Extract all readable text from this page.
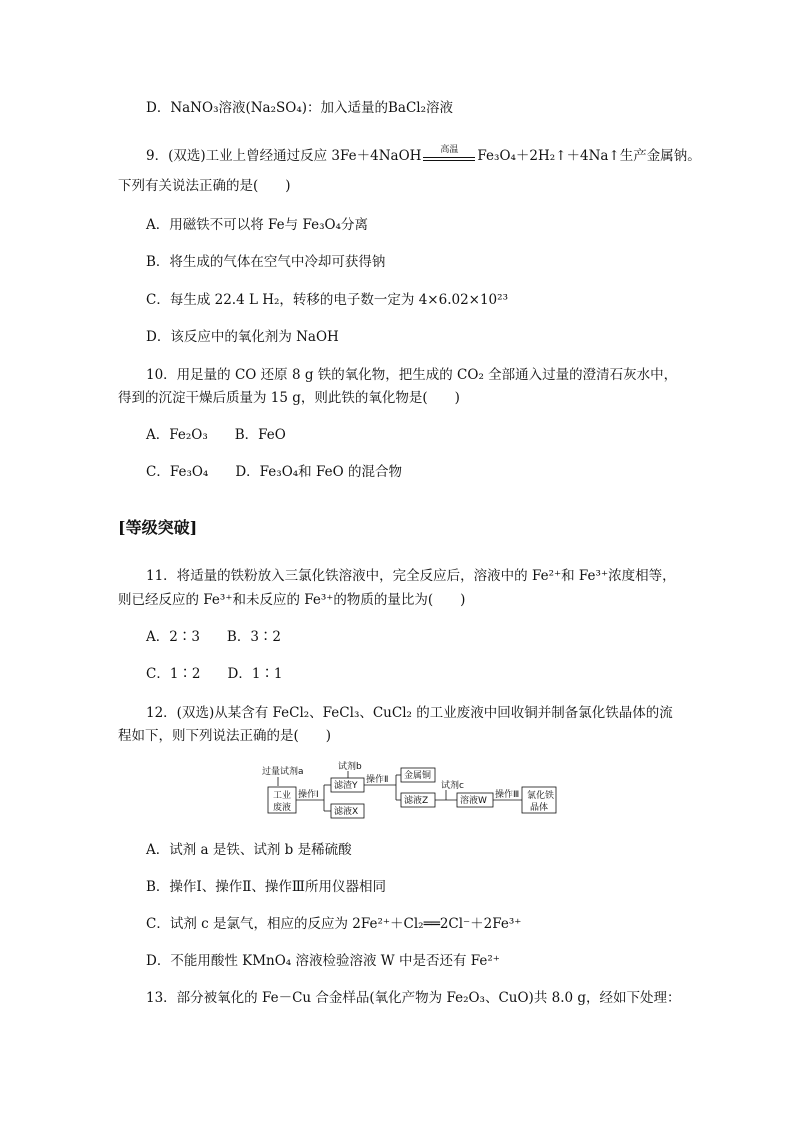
D．NaNO₃溶液(Na₂SO₄)：加入适量的BaCl₂溶液
9．(双选)工业上曾经通过反应 3Fe＋4NaOH	高温	Fe₃O₄＋2H₂↑＋4Na↑生产金属钠。
下列有关说法正确的是(　　)
A．用磁铁不可以将 Fe与 Fe₃O₄分离
B．将生成的气体在空气中冷却可获得钠
C．每生成 22.4 L H₂，转移的电子数一定为 4×6.02×10²³
D．该反应中的氧化剂为 NaOH
10．用足量的 CO 还原 8 g 铁的氧化物，把生成的 CO₂ 全部通入过量的澄清石灰水中，
得到的沉淀干燥后质量为 15 g，则此铁的氧化物是(　　)
A．Fe₂O₃　　B．FeO
C．Fe₃O₄　　D．Fe₃O₄和 FeO 的混合物
[等级突破]
11．将适量的铁粉放入三氯化铁溶液中，完全反应后，溶液中的 Fe²⁺和 Fe³⁺浓度相等，
则已经反应的 Fe³⁺和未反应的 Fe³⁺的物质的量比为(　　)
A．2∶3　　B．3∶2
C．1∶2　　D．1∶1
12．(双选)从某含有 FeCl₂、FeCl₃、CuCl₂ 的工业废液中回收铜并制备氯化铁晶体的流
程如下，则下列说法正确的是(　　)
过量试剂a
工业
废液
操作Ⅰ
滤渣Y
滤液X
试剂b
操作Ⅱ 金属铜
滤液Z
试剂c
溶液W
操作Ⅲ 氯化铁
晶体
A．试剂 a 是铁、试剂 b 是稀硫酸
B．操作Ⅰ、操作Ⅱ、操作Ⅲ所用仪器相同
C．试剂 c 是氯气，相应的反应为 2Fe²⁺＋Cl₂══2Cl⁻＋2Fe³⁺
D．不能用酸性 KMnO₄ 溶液检验溶液 W 中是否还有 Fe²⁺
13．部分被氧化的 Fe－Cu 合金样品(氧化产物为 Fe₂O₃、CuO)共 8.0 g，经如下处理：
